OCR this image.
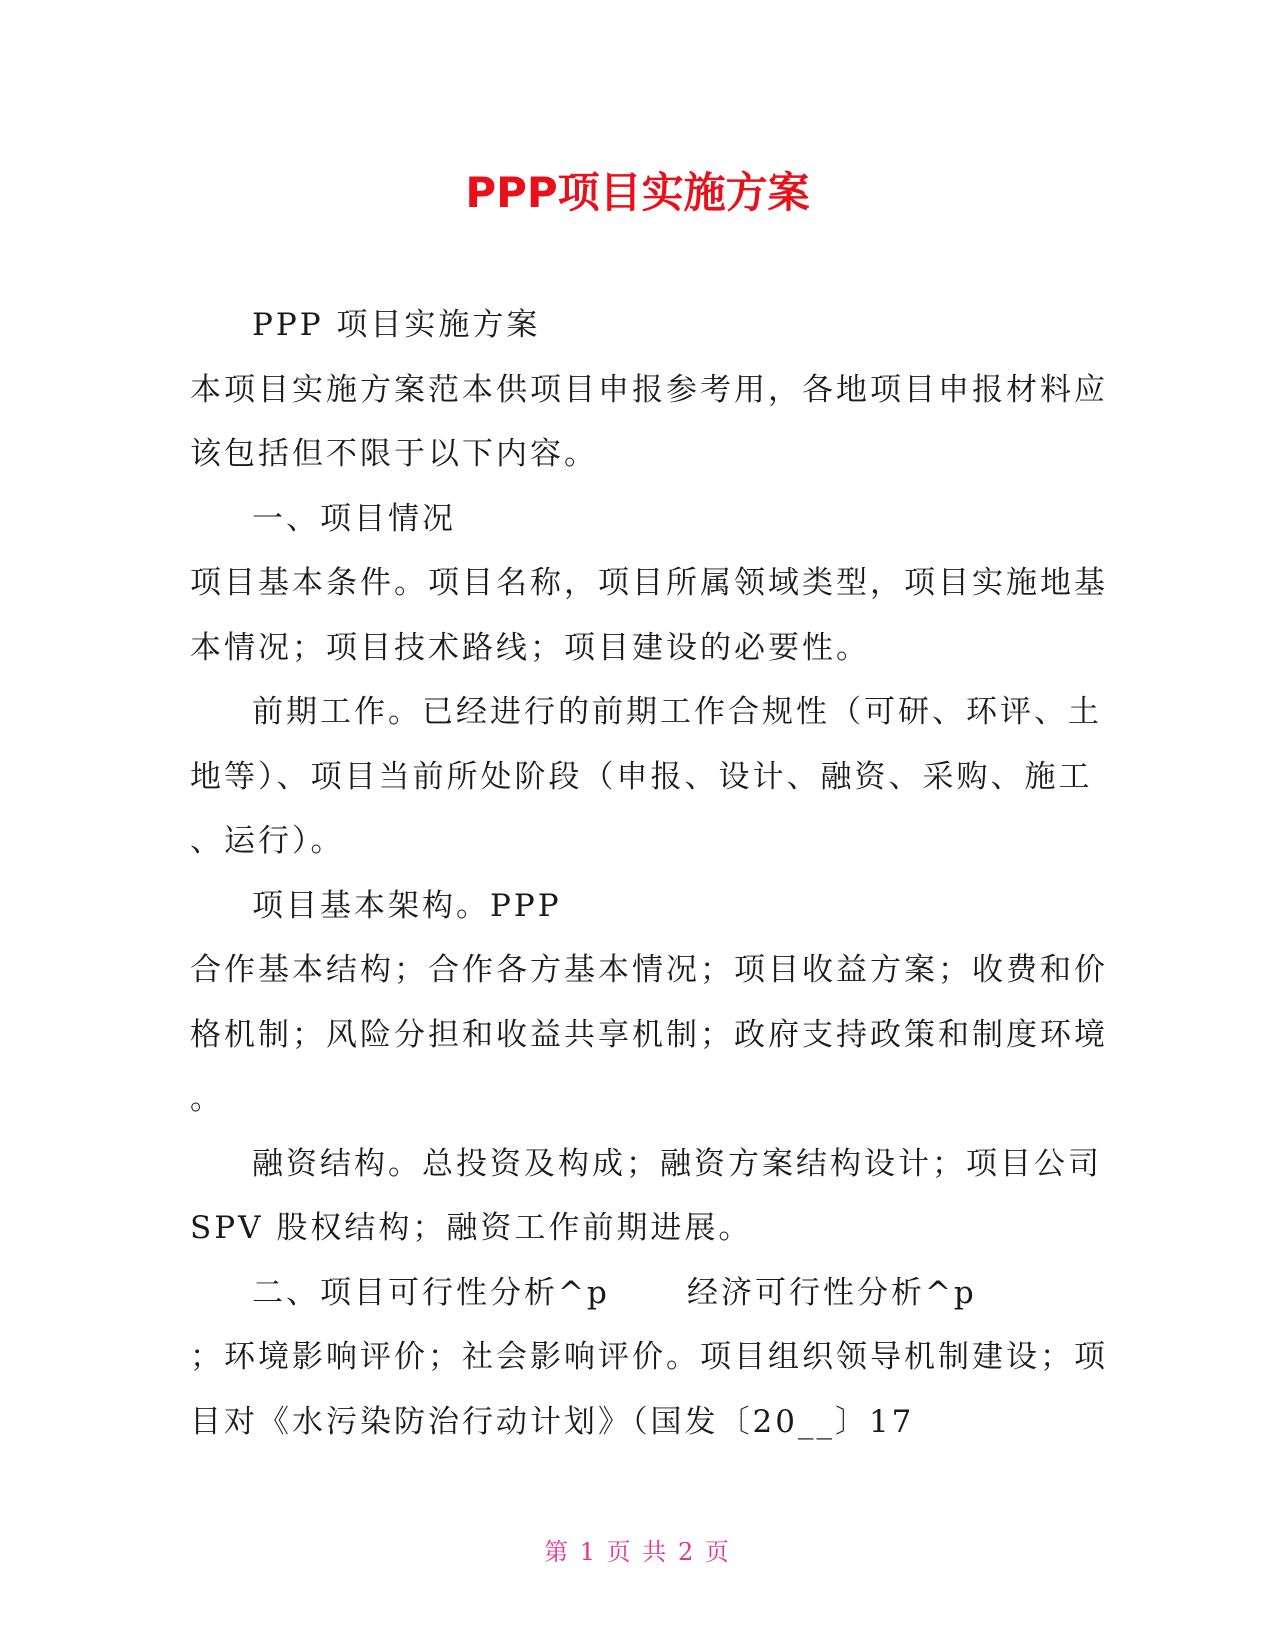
PPP项目实施方案
PPP 项目实施方案
本项目实施方案范本供项目申报参考用，各地项目申报材料应
该包括但不限于以下内容。
一、项目情况
项目基本条件。项目名称，项目所属领域类型，项目实施地基
本情况；项目技术路线；项目建设的必要性。
前期工作。已经进行的前期工作合规性（可研、环评、土
地等）、项目当前所处阶段（申报、设计、融资、采购、施工
、运行）。
项目基本架构。PPP
合作基本结构；合作各方基本情况；项目收益方案；收费和价
格机制；风险分担和收益共享机制；政府支持政策和制度环境
。
融资结构。总投资及构成；融资方案结构设计；项目公司
SPV 股权结构；融资工作前期进展。
二、项目可行性分析^p      经济可行性分析^p
；环境影响评价；社会影响评价。项目组织领导机制建设；项
目对《水污染防治行动计划》（国发〔20__〕17
第 1 页 共 2 页
